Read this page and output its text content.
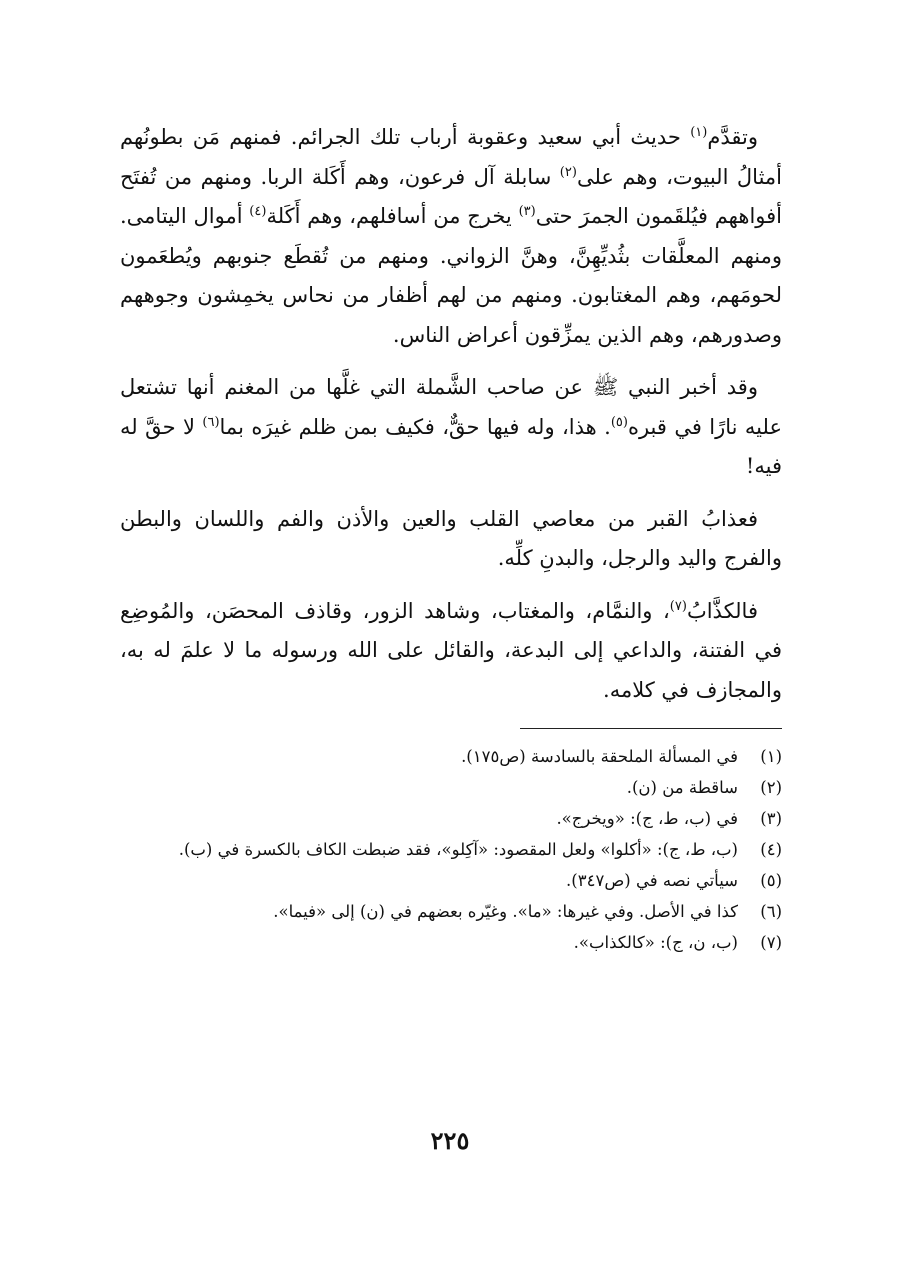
وتقدَّم$^{(١)}$ حديث أبي سعيد وعقوبة أرباب تلك الجرائم. فمنهم مَن بطونُهم أمثالُ البيوت، وهم على$^{(٢)}$ سابلة آل فرعون، وهم أَكَلة الربا. ومنهم من تُفتَح أفواههم فيُلقَمون الجمرَ حتى$^{(٣)}$ يخرج من أسافلهم، وهم أَكَلة$^{(٤)}$ أموال اليتامى. ومنهم المعلَّقات بثُديِّهِنَّ، وهنَّ الزواني. ومنهم من تُقطَع جنوبهم ويُطعَمون لحومَهم، وهم المغتابون. ومنهم من لهم أظفار من نحاس يخمِشون وجوههم وصدورهم، وهم الذين يمزِّقون أعراض الناس.

وقد أخبر النبي ﷺ عن صاحب الشَّملة التي غلَّها من المغنم أنها تشتعل عليه نارًا في قبره$^{(٥)}$. هذا، وله فيها حقٌّ، فكيف بمن ظلم غيرَه بما$^{(٦)}$ لا حقَّ له فيه!

فعذابُ القبر من معاصي القلب والعين والأذن والفم واللسان والبطن والفرج واليد والرجل، والبدنِ كلِّه.

فالكذَّابُ$^{(٧)}$، والنمَّام، والمغتاب، وشاهد الزور، وقاذف المحصَن، والمُوضِع في الفتنة، والداعي إلى البدعة، والقائل على الله ورسوله ما لا علمَ له به، والمجازف في كلامه.

(١)
في المسألة الملحقة بالسادسة (ص١٧٥).

(٢)
ساقطة من (ن).

(٣)
في (ب، ط، ج): «ويخرج».

(٤)
(ب، ط، ج): «أكلوا» ولعل المقصود: «آكِلو»، فقد ضبطت الكاف بالكسرة في (ب).

(٥)
سيأتي نصه في (ص٣٤٧).

(٦)
كذا في الأصل. وفي غيرها: «ما». وغيّره بعضهم في (ن) إلى «فيما».

(٧)
(ب، ن، ج): «كالكذاب».

٢٢٥
